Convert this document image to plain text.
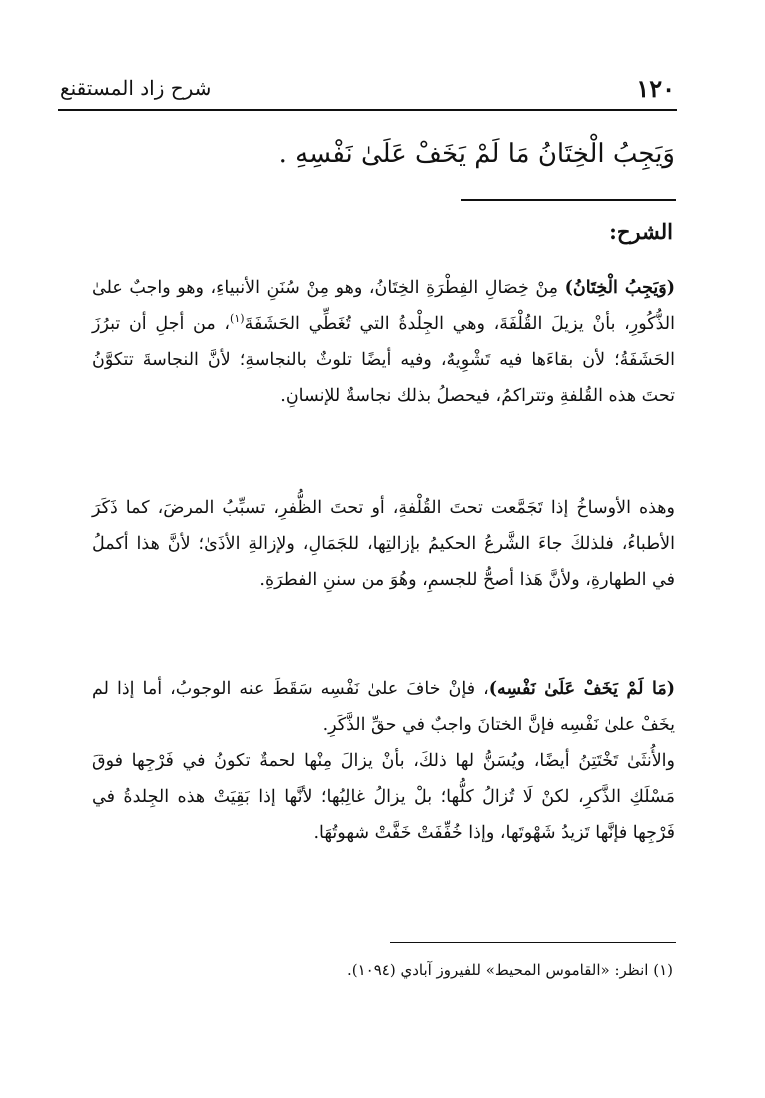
١٢٠
شرح زاد المستقنع
وَيَجِبُ الْخِتَانُ مَا لَمْ يَخَفْ عَلَىٰ نَفْسِهِ .
الشرح:
(وَيَجِبُ الْخِتَانُ) مِنْ خِصَالِ الفِطْرَةِ الخِتَانُ، وهو مِنْ سُنَنِ الأنبياءِ، وهو واجبٌ علىٰ الذُّكُورِ، بأنْ يزيلَ القُلْفَةَ، وهي الجِلْدةُ التي تُغَطِّي الحَشَفَةَ$^{(١)}$، من أجلِ أن تبرُزَ الحَشَفَةُ؛ لأن بقاءَها فيه تَشْوِيهٌ، وفيه أيضًا تلوثٌ بالنجاسةِ؛ لأنَّ النجاسةَ تتكوَّنُ تحتَ هذه القُلفةِ وتتراكمُ، فيحصلُ بذلك نجاسةٌ للإنسانِ.
وهذه الأوساخُ إذا تَجَمَّعت تحتَ القُلْفةِ، أو تحتَ الظُّفرِ، تسبِّبُ المرضَ، كما ذَكَرَ الأطباءُ، فلذلكَ جاءَ الشَّرعُ الحكيمُ بإزالتِها، للجَمَالِ، ولإزالةِ الأذَىٰ؛ لأنَّ هذا أكملُ في الطهارةِ، ولأنَّ هَذا أصحُّ للجسمِ، وهُوَ من سننِ الفطرَةِ.
(مَا لَمْ يَخَفْ عَلَىٰ نَفْسِه)، فإنْ خافَ علىٰ نَفْسِه سَقَطَ عنه الوجوبُ، أما إذا لم يخَفْ علىٰ نَفْسِه فإنَّ الختانَ واجبٌ في حقِّ الذَّكَرِ.
والأُنثَىٰ تَخْتَتِنُ أيضًا، ويُسَنُّ لها ذلكَ، بأنْ يزالَ مِنْها لحمةٌ تكونُ في فَرْجِها فوقَ مَسْلَكِ الذَّكرِ، لكنْ لَا تُزالُ كلُّها؛ بلْ يزالُ غالِبُها؛ لأنَّها إذا بَقِيَتْ هذه الجِلدةُ في فَرْجِها فإنَّها تَزيدُ شَهْوتَها، وإذا خُفِّفَتْ خَفَّتْ شهوتُهَا.
(١) انظر: «القاموس المحيط» للفيروز آبادي (١٠٩٤).
